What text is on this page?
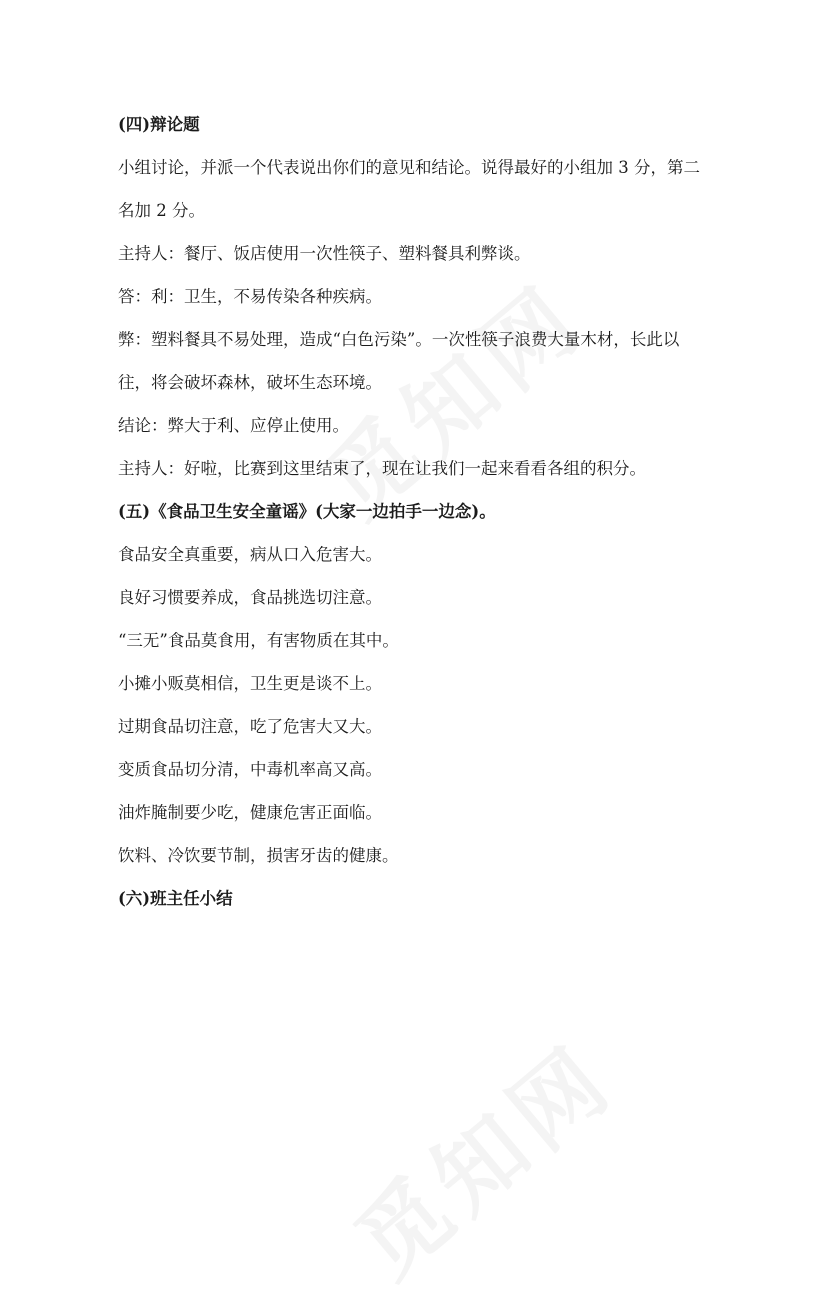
(四)辩论题
小组讨论，并派一个代表说出你们的意见和结论。说得最好的小组加 3 分，第二
名加 2 分。
主持人：餐厅、饭店使用一次性筷子、塑料餐具利弊谈。
答：利：卫生，不易传染各种疾病。
弊：塑料餐具不易处理，造成“白色污染”。一次性筷子浪费大量木材，长此以
往，将会破坏森林，破坏生态环境。
结论：弊大于利、应停止使用。
主持人：好啦，比赛到这里结束了，现在让我们一起来看看各组的积分。
(五)《食品卫生安全童谣》(大家一边拍手一边念)。
食品安全真重要，病从口入危害大。
良好习惯要养成，食品挑选切注意。
“三无”食品莫食用，有害物质在其中。
小摊小贩莫相信，卫生更是谈不上。
过期食品切注意，吃了危害大又大。
变质食品切分清，中毒机率高又高。
油炸腌制要少吃，健康危害正面临。
饮料、冷饮要节制，损害牙齿的健康。
(六)班主任小结
